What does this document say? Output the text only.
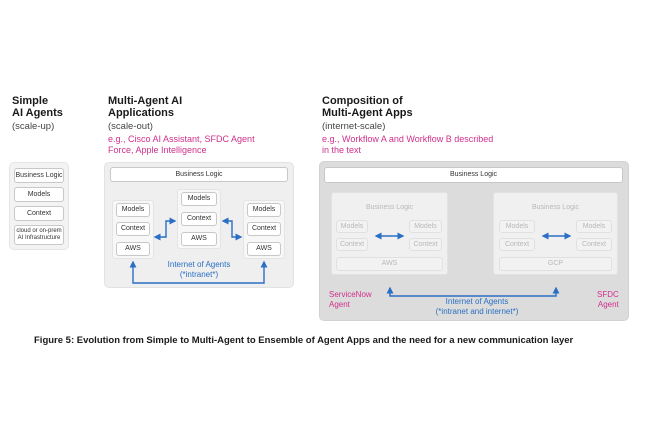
Simple
AI Agents
(scale-up)
Business Logic
Models
Context
cloud or on-prem
AI Infrastructure
Multi-Agent AI
Applications
(scale-out)
e.g., Cisco AI Assistant, SFDC Agent
Force, Apple Intelligence
Business Logic
Models
Context
AWS
Models
Context
AWS
Models
Context
AWS
Internet of Agents
(*intranet*)
Composition of
Multi-Agent Apps
(internet-scale)
e.g., Workflow A and Workflow B described
in the text
Business Logic
Business Logic
Models
Context
Models
Context
AWS
Business Logic
Models
Context
Models
Context
GCP
ServiceNow
Agent
SFDC
Agent
Internet of Agents
(*intranet and internet*)
Figure 5: Evolution from Simple to Multi-Agent to Ensemble of Agent Apps and the need for a new communication layer
